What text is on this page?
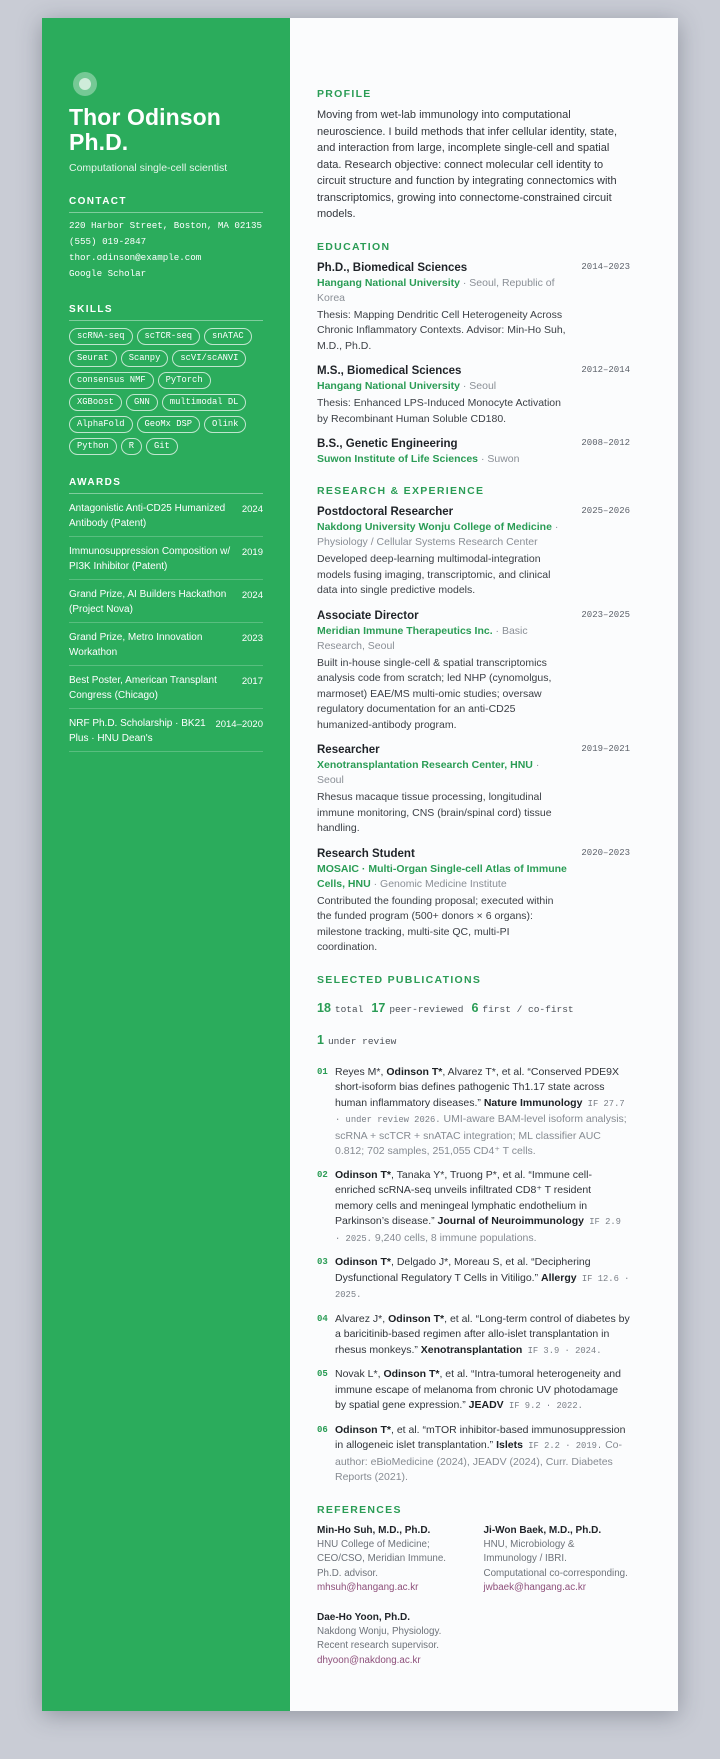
Thor Odinson Ph.D.
Computational single-cell scientist
CONTACT
220 Harbor Street, Boston, MA 02135
(555) 019-2847
thor.odinson@example.com
Google Scholar
SKILLS
scRNA-seq	scTCR-seq	snATAC
Seurat	Scanpy	scVI/scANVI
consensus NMF	PyTorch
XGBoost	GNN	multimodal DL
AlphaFold	GeoMx DSP	Olink
Python	R	Git
AWARDS
Antagonistic Anti-CD25 Humanized Antibody (Patent)
2024
Immunosuppression Composition w/ PI3K Inhibitor (Patent)
2019
Grand Prize, AI Builders Hackathon (Project Nova)
2024
Grand Prize, Metro Innovation Workathon
2023
Best Poster, American Transplant Congress (Chicago)
2017
NRF Ph.D. Scholarship · BK21 Plus · HNU Dean's
2014–2020
PROFILE

Moving from wet-lab immunology into computational neuroscience. I build methods that infer cellular identity, state, and interaction from large, incomplete single-cell and spatial data. Research objective: connect molecular cell identity to circuit structure and function by integrating connectomics with transcriptomics, growing into connectome-constrained circuit models.

EDUCATION
Ph.D., Biomedical Sciences
Hangang National University · Seoul, Republic of Korea
2014–2023
Thesis: Mapping Dendritic Cell Heterogeneity Across Chronic Inflammatory Contexts. Advisor: Min-Ho Suh, M.D., Ph.D.
M.S., Biomedical Sciences
Hangang National University · Seoul
2012–2014
Thesis: Enhanced LPS-Induced Monocyte Activation by Recombinant Human Soluble CD180.
B.S., Genetic Engineering
Suwon Institute of Life Sciences · Suwon
2008–2012
RESEARCH & EXPERIENCE
Postdoctoral Researcher
Nakdong University Wonju College of Medicine · Physiology / Cellular Systems Research Center
2025–2026
Developed deep-learning multimodal-integration models fusing imaging, transcriptomic, and clinical data into single predictive models.
Associate Director
Meridian Immune Therapeutics Inc. · Basic Research, Seoul
2023–2025
Built in-house single-cell & spatial transcriptomics analysis code from scratch; led NHP (cynomolgus, marmoset) EAE/MS multi-omic studies; oversaw regulatory documentation for an anti-CD25 humanized-antibody program.
Researcher
Xenotransplantation Research Center, HNU · Seoul
2019–2021
Rhesus macaque tissue processing, longitudinal immune monitoring, CNS (brain/spinal cord) tissue handling.
Research Student
MOSAIC · Multi-Organ Single-cell Atlas of Immune Cells, HNU · Genomic Medicine Institute
2020–2023
Contributed the founding proposal; executed within the funded program (500+ donors × 6 organs): milestone tracking, multi-site QC, multi-PI coordination.
SELECTED PUBLICATIONS
18 total 17 peer-reviewed 6 first / co-first
1 under review
01 Reyes M*, Odinson T*, Alvarez T*, et al. “Conserved PDE9X short-isoform bias defines pathogenic Th1.17 state across human inflammatory diseases.” Nature Immunology IF 27.7 · under review 2026. UMI-aware BAM-level isoform analysis; scRNA + scTCR + snATAC integration; ML classifier AUC 0.812; 702 samples, 251,055 CD4⁺ T cells.
02 Odinson T*, Tanaka Y*, Truong P*, et al. “Immune cell-enriched scRNA-seq unveils infiltrated CD8⁺ T resident memory cells and meningeal lymphatic endothelium in Parkinson’s disease.” Journal of Neuroimmunology IF 2.9 · 2025. 9,240 cells, 8 immune populations.
03 Odinson T*, Delgado J*, Moreau S, et al. “Deciphering Dysfunctional Regulatory T Cells in Vitiligo.” Allergy IF 12.6 · 2025.
04 Alvarez J*, Odinson T*, et al. “Long-term control of diabetes by a baricitinib-based regimen after allo-islet transplantation in rhesus monkeys.” Xenotransplantation IF 3.9 · 2024.
05 Novak L*, Odinson T*, et al. “Intra-tumoral heterogeneity and immune escape of melanoma from chronic UV photodamage by spatial gene expression.” JEADV IF 9.2 · 2022.
06 Odinson T*, et al. “mTOR inhibitor-based immunosuppression in allogeneic islet transplantation.” Islets IF 2.2 · 2019. Co-author: eBioMedicine (2024), JEADV (2024), Curr. Diabetes Reports (2021).
REFERENCES
Min-Ho Suh, M.D., Ph.D.
HNU College of Medicine; CEO/CSO, Meridian Immune. Ph.D. advisor.
mhsuh@hangang.ac.kr
Ji-Won Baek, M.D., Ph.D.
HNU, Microbiology & Immunology / IBRI. Computational co-corresponding.
jwbaek@hangang.ac.kr
Dae-Ho Yoon, Ph.D.
Nakdong Wonju, Physiology. Recent research supervisor.
dhyoon@nakdong.ac.kr
